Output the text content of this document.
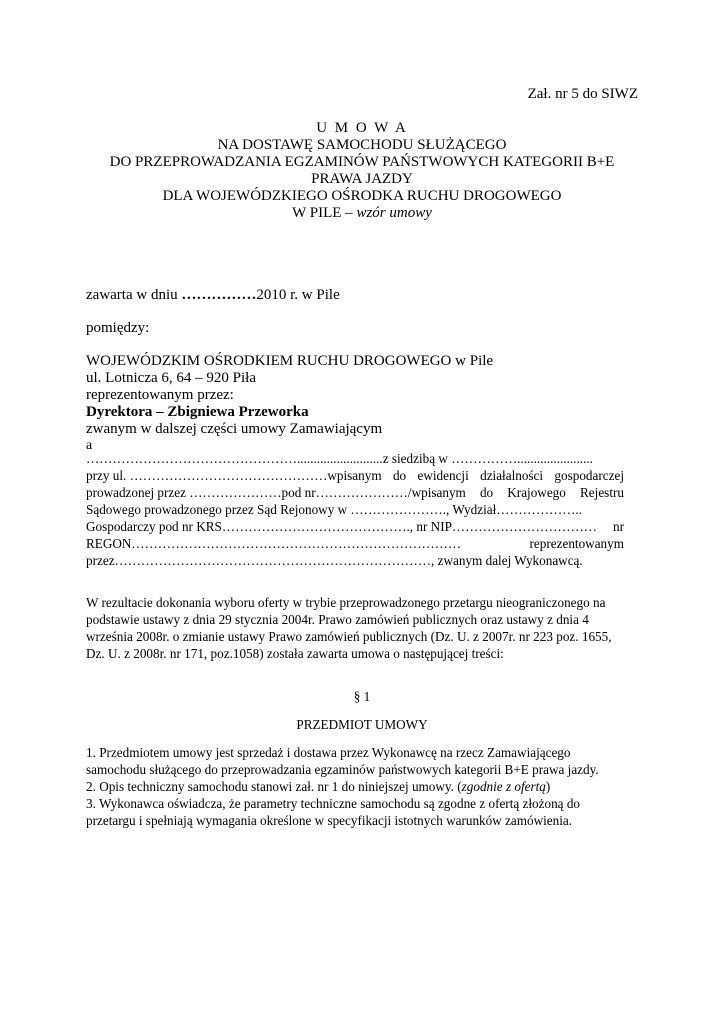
Zał. nr 5 do SIWZ
U M O W A
NA DOSTAWĘ SAMOCHODU SŁUŻĄCEGO
DO PRZEPROWADZANIA EGZAMINÓW PAŃSTWOWYCH KATEGORII B+E
PRAWA JAZDY
DLA WOJEWÓDZKIEGO OŚRODKA RUCHU DROGOWEGO
W PILE – wzór umowy
zawarta w dniu ……………2010 r. w Pile
pomiędzy:
WOJEWÓDZKIM OŚRODKIEM RUCHU DROGOWEGO w Pile
ul. Lotnicza 6, 64 – 920 Piła
reprezentowanym przez:
Dyrektora – Zbigniewa Przeworka
zwanym w dalszej części umowy Zamawiającym
a
…………………………………………..........................z siedzibą w …………….......................
przy ul. ………………………………………wpisanym do ewidencji działalności gospodarczej
prowadzonej przez …………………pod nr…………………/wpisanym do Krajowego Rejestru
Sądowego prowadzonego przez Sąd Rejonowy w …………………., Wydział………………..
Gospodarczy pod nr KRS……………………………………., nr NIP…………………………… nr
REGON…………………………………………………………………	reprezentowanym
przez………………………………………………………………, zwanym dalej Wykonawcą.
W rezultacie dokonania wyboru oferty w trybie przeprowadzonego przetargu nieograniczonego na
podstawie ustawy z dnia 29 stycznia 2004r. Prawo zamówień publicznych oraz ustawy z dnia 4
września 2008r. o zmianie ustawy Prawo zamówień publicznych (Dz. U. z 2007r. nr 223 poz. 1655,
Dz. U. z 2008r. nr 171, poz.1058) została zawarta umowa o następującej treści:
§ 1
PRZEDMIOT UMOWY
1. Przedmiotem umowy jest sprzedaż i dostawa przez Wykonawcę na rzecz Zamawiającego
samochodu służącego do przeprowadzania egzaminów państwowych kategorii B+E prawa jazdy.
2. Opis techniczny samochodu stanowi zał. nr 1 do niniejszej umowy. (zgodnie z ofertą)
3. Wykonawca oświadcza, że parametry techniczne samochodu są zgodne z ofertą złożoną do
przetargu i spełniają wymagania określone w specyfikacji istotnych warunków zamówienia.
